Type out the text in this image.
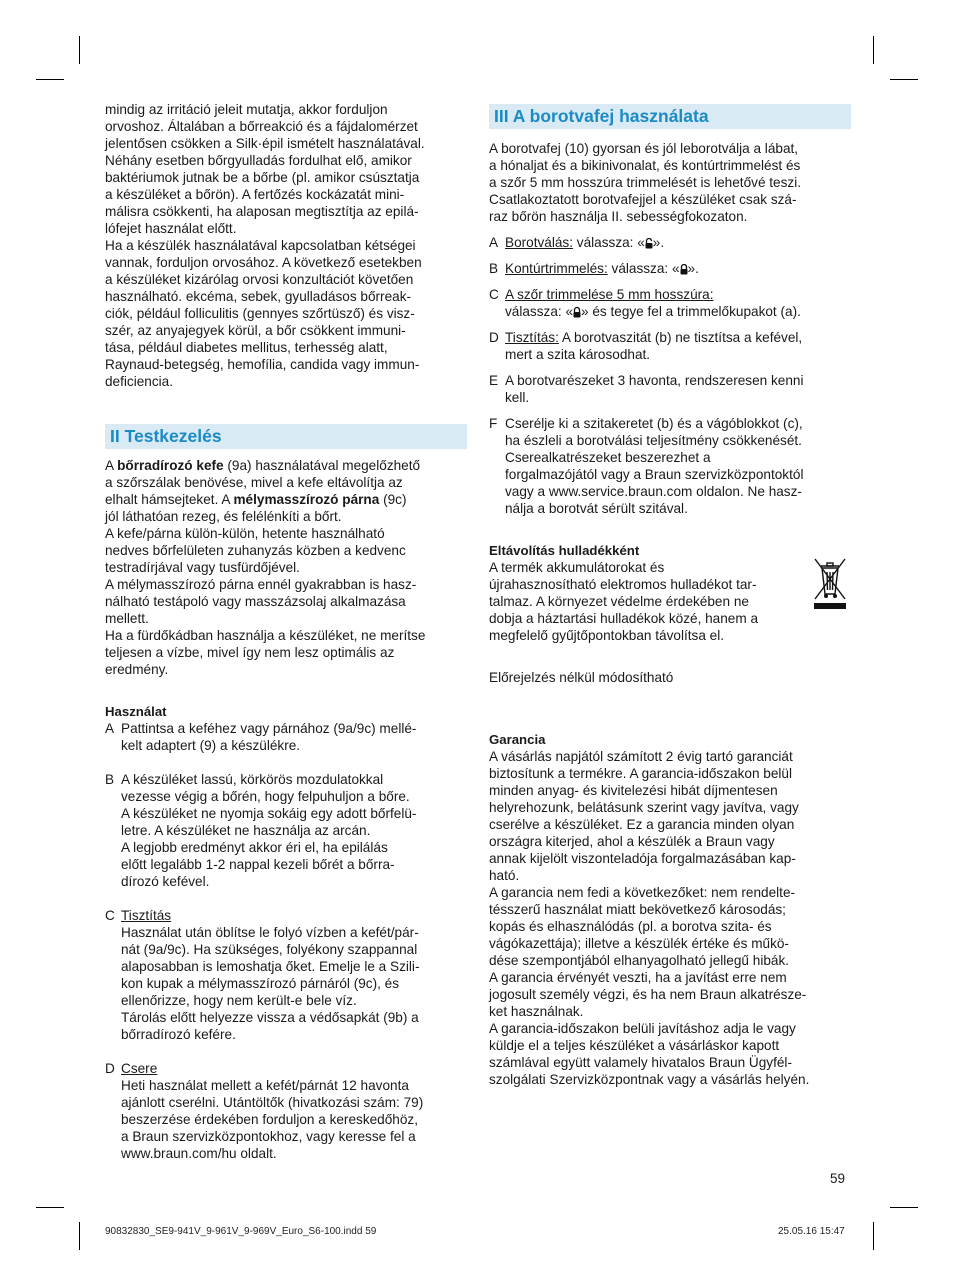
mindig az irritáció jeleit mutatja, akkor forduljon
orvoshoz. Általában a bőrreakció és a fájdalomérzet
jelentősen csökken a Silk·épil ismételt használatával.
Néhány esetben bőrgyulladás fordulhat elő, amikor
baktériumok jutnak be a bőrbe (pl. amikor csúsztatja
a készüléket a bőrön). A fertőzés kockázatát mini-
málisra csökkenti, ha alaposan megtisztítja az epilá-
lófejet használat előtt.
Ha a készülék használatával kapcsolatban kétségei
vannak, forduljon orvosához. A következő esetekben
a készüléket kizárólag orvosi konzultációt követően
használható. ekcéma, sebek, gyulladásos bőrreak-
ciók, például folliculitis (gennyes szőrtüsző) és visz-
szér, az anyajegyek körül, a bőr csökkent immuni-
tása, például diabetes mellitus, terhesség alatt,
Raynaud-betegség, hemofília, candida vagy immun-
deficiencia.

II Testkezelés

A bőrradírozó kefe (9a) használatával megelőzhető
a szőrszálak benövése, mivel a kefe eltávolítja az
elhalt hámsejteket. A mélymasszírozó párna (9c)
jól láthatóan rezeg, és felélénkíti a bőrt.
A kefe/párna külön-külön, hetente használható
nedves bőrfelületen zuhanyzás közben a kedvenc
testradírjával vagy tusfürdőjével.
A mélymasszírozó párna ennél gyakrabban is hasz-
nálható testápoló vagy masszázsolaj alkalmazása
mellett.
Ha a fürdőkádban használja a készüléket, ne merítse
teljesen a vízbe, mivel így nem lesz optimális az
eredmény.

Használat

A Pattintsa a keféhez vagy párnához (9a/9c) mellé-
kelt adaptert (9) a készülékre.
B A készüléket lassú, körkörös mozdulatokkal
vezesse végig a bőrén, hogy felpuhuljon a bőre.
A készüléket ne nyomja sokáig egy adott bőrfelü-
letre. A készüléket ne használja az arcán.
A legjobb eredményt akkor éri el, ha epilálás
előtt legalább 1-2 nappal kezeli bőrét a bőrra-
dírozó kefével.
C Tisztítás
Használat után öblítse le folyó vízben a kefét/pár-
nát (9a/9c). Ha szükséges, folyékony szappannal
alaposabban is lemoshatja őket. Emelje le a Szili-
kon kupak a mélymasszírozó párnáról (9c), és
ellenőrizze, hogy nem került-e bele víz.
Tárolás előtt helyezze vissza a védősapkát (9b) a
bőrradírozó kefére.
D Csere
Heti használat mellett a kefét/párnát 12 havonta
ajánlott cserélni. Utántöltők (hivatkozási szám: 79)
beszerzése érdekében forduljon a kereskedőhöz,
a Braun szervizközpontokhoz, vagy keresse fel a
www.braun.com/hu oldalt.
III A borotvafej használata

A borotvafej (10) gyorsan és jól leborotválja a lábat,
a hónaljat és a bikinivonalat, és kontúrtrimmelést és
a szőr 5 mm hosszúra trimmelését is lehetővé teszi.
Csatlakoztatott borotvafejjel a készüléket csak szá-
raz bőrön használja II. sebességfokozaton.

A Borotválás: válassza: « ».
B Kontúrtrimmelés: válassza: « ».
C A szőr trimmelése 5 mm hosszúra:
válassza: « » és tegye fel a trimmelőkupakot (a).
D Tisztítás: A borotvaszitát (b) ne tisztítsa a kefével,
mert a szita károsodhat.
E A borotvarészeket 3 havonta, rendszeresen kenni
kell.
F Cserélje ki a szitakeretet (b) és a vágóblokkot (c),
ha észleli a borotválási teljesítmény csökkenését.
Cserealkatrészeket beszerezhet a
forgalmazójától vagy a Braun szervizközpontoktól
vagy a www.service.braun.com oldalon. Ne hasz-
nálja a borotvát sérült szitával.

Eltávolítás hulladékként

A termék akkumulátorokat és
újrahasznosítható elektromos hulladékot tar-
talmaz. A környezet védelme érdekében ne
dobja a háztartási hulladékok közé, hanem a
megfelelő gyűjtőpontokban távolítsa el.

Előrejelzés nélkül módosítható

Garancia

A vásárlás napjától számított 2 évig tartó garanciát
biztosítunk a termékre. A garancia-időszakon belül
minden anyag- és kivitelezési hibát díjmentesen
helyrehozunk, belátásunk szerint vagy javítva, vagy
cserélve a készüléket. Ez a garancia minden olyan
országra kiterjed, ahol a készülék a Braun vagy
annak kijelölt viszonteladója forgalmazásában kap-
ható.
A garancia nem fedi a következőket: nem rendelte-
tésszerű használat miatt bekövetkező károsodás;
kopás és elhasználódás (pl. a borotva szita- és
vágókazettája); illetve a készülék értéke és műkö-
dése szempontjából elhanyagolható jellegű hibák.
A garancia érvényét veszti, ha a javítást erre nem
jogosult személy végzi, és ha nem Braun alkatrésze-
ket használnak.
A garancia-időszakon belüli javításhoz adja le vagy
küldje el a teljes készüléket a vásárláskor kapott
számlával együtt valamely hivatalos Braun Ügyfél-
szolgálati Szervizközpontnak vagy a vásárlás helyén.

59
90832830_SE9-941V_9-961V_9-969V_Euro_S6-100.indd 59	25.05.16 15:47
